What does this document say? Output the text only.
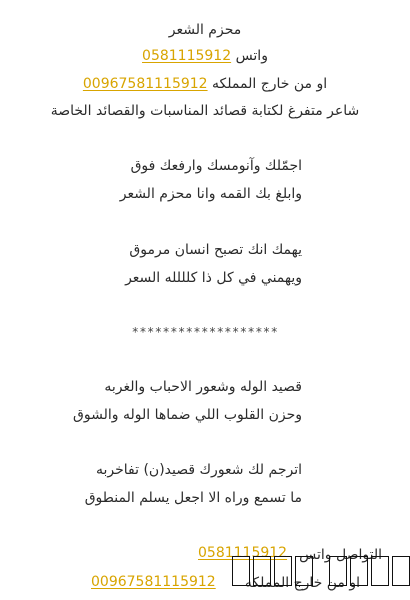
محزم الشعر

واتس 0581115912

او من خارج المملكه 00967581115912

شاعر متفرغ لكتابة قصائد المناسبات والقصائد الخاصة

اجمّلك وآنومسك وارفعك فوق

وابلغ بك القمه وانا محزم الشعر

يهمك انك تصبح انسان مرموق

ويهمني في كل ذا كلللله السعر

*******************

قصيد الوله وشعور الاحباب والغربه

وحزن القلوب اللي ضماها الوله والشوق

اترجم لك شعورك قصيد(ن) تفاخربه

ما تسمع وراه الا اجعل يسلم المنطوق

التواصل واتس
0581115912
او من خارج المملكه
00967581115912
